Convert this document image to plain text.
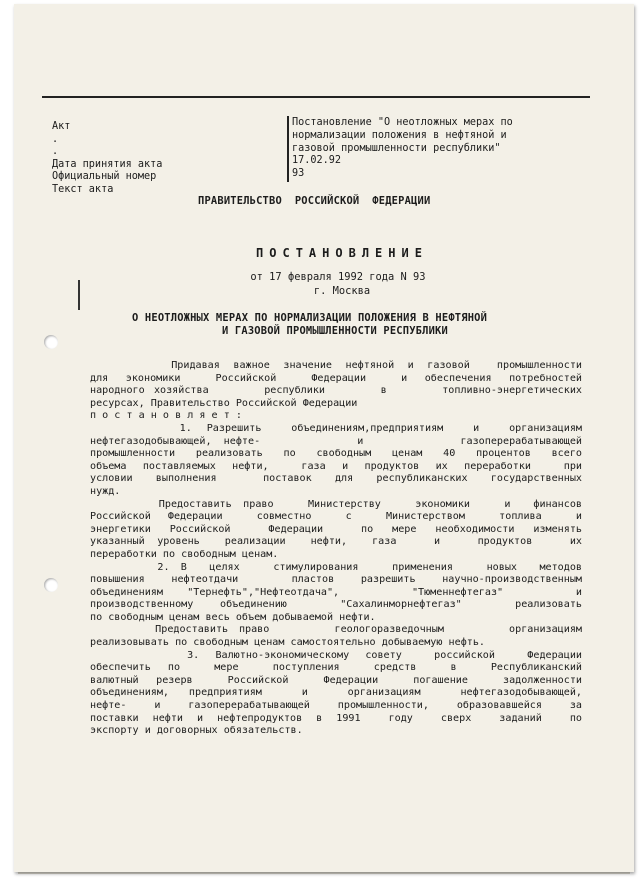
Акт
.
.
Дата принятия акта
Официальный номер
Текст акта
Постановление "О неотложных мерах по
нормализации положения в нефтяной и
газовой промышленности республики"
17.02.92
93
ПРАВИТЕЛЬСТВО  РОССИЙСКОЙ  ФЕДЕРАЦИИ
ПОСТАНОВЛЕНИЕ
от 17 февраля 1992 года N 93
г. Москва
О НЕОТЛОЖНЫХ МЕРАХ ПО НОРМАЛИЗАЦИИ ПОЛОЖЕНИЯ В НЕФТЯНОЙ
И ГАЗОВОЙ ПРОМЫШЛЕННОСТИ РЕСПУБЛИКИ
Придавая важное значение нефтяной и газовой  промышленности
для экономики  Российской  Федерации  и обеспечения потребностей
народного хозяйства      республики      в      топливно-энергетических
ресурсах, Правительство Российской Федерации
п о с т а н о в л я е т :
1. Разрешить  объединениям,предприятиям  и  организациям
нефтегазодобывающей, нефте-        и        газоперерабатывающей
промышленности реализовать по свободным ценам 40 процентов всего
объема поставляемых нефти,  газа и продуктов их переработки  при
условии выполнения  поставок для республиканских государственных
нужд.
Предоставить право   Министерству   экономики   и  финансов
Российской Федерации  совместно  с  Министерством  топлива  и
энергетики Российской  Федерации  по мере необходимости изменять
указанный уровень  реализации  нефти,  газа   и   продуктов   их
переработки по свободным ценам.
2. В  целях   стимулирования   применения   новых  методов
повышения нефтеотдачи  пластов разрешить научно-производственным
объединениям "Тернефть","Нефтеотдача",   "Тюменнефтегаз"   и
производственному объединению  "Сахалинморнефтегаз"  реализовать
по свободным ценам весь объем добываемой нефти.
Предоставить право      геологоразведочным      организациям
реализовывать по свободным ценам самостоятельно добываемую нефть.
3. Валютно-экономическому совету  российской  Федерации
обеспечить по  мере  поступления  средств  в  Республиканский
валютный резерв  Российской  Федерации  погашение  задолженности
объединениям, предприятиям  и  организациям  нефтегазодобывающей,
нефте- и газоперерабатывающей промышленности, образовавшейся за
поставки нефти и нефтепродуктов в 1991  году  сверх  заданий  по
экспорту и договорных обязательств.
